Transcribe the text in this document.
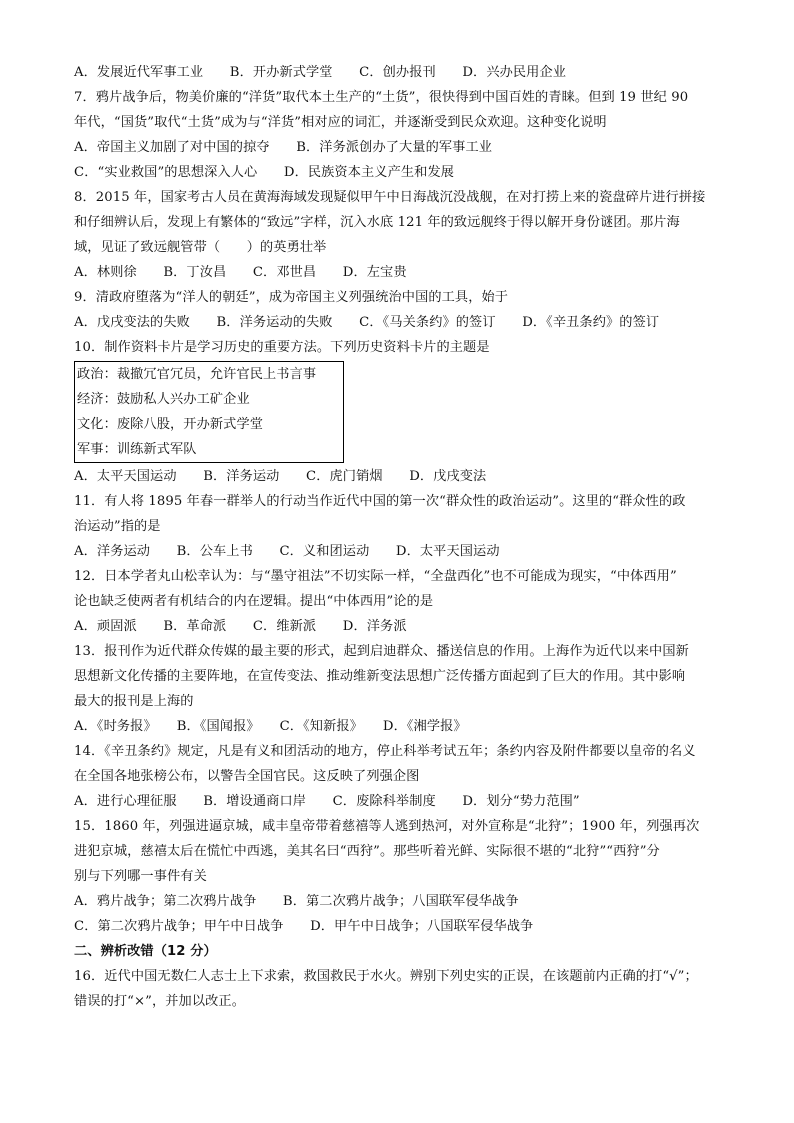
A．发展近代军事工业　　B．开办新式学堂　　C．创办报刊　　D．兴办民用企业
7．鸦片战争后，物美价廉的“洋货”取代本土生产的“土货”，很快得到中国百姓的青睐。但到 19 世纪 90
年代，“国货”取代“土货”成为与“洋货”相对应的词汇，并逐渐受到民众欢迎。这种变化说明
A．帝国主义加剧了对中国的掠夺　　B．洋务派创办了大量的军事工业
C．“实业救国”的思想深入人心　　D．民族资本主义产生和发展
8．2015 年，国家考古人员在黄海海域发现疑似甲午中日海战沉没战舰，在对打捞上来的瓷盘碎片进行拼接
和仔细辨认后，发现上有繁体的“致远”字样，沉入水底 121 年的致远舰终于得以解开身份谜团。那片海
域，见证了致远舰管带（　　）的英勇壮举
A．林则徐　　B．丁汝昌　　C．邓世昌　　D．左宝贵
9．清政府堕落为“洋人的朝廷”，成为帝国主义列强统治中国的工具，始于
A．戊戌变法的失败　　B．洋务运动的失败　　C．《马关条约》的签订　　D．《辛丑条约》的签订
10．制作资料卡片是学习历史的重要方法。下列历史资料卡片的主题是
政治：裁撤冗官冗员，允许官民上书言事
经济：鼓励私人兴办工矿企业
文化：废除八股，开办新式学堂
军事：训练新式军队
A．太平天国运动　　B．洋务运动　　C．虎门销烟　　D．戊戌变法
11．有人将 1895 年春一群举人的行动当作近代中国的第一次“群众性的政治运动”。这里的“群众性的政
治运动”指的是
A．洋务运动　　B．公车上书　　C．义和团运动　　D．太平天国运动
12．日本学者丸山松幸认为：与“墨守祖法”不切实际一样，“全盘西化”也不可能成为现实，“中体西用”
论也缺乏使两者有机结合的内在逻辑。提出“中体西用”论的是
A．顽固派　　B．革命派　　C．维新派　　D．洋务派
13．报刊作为近代群众传媒的最主要的形式，起到启迪群众、播送信息的作用。上海作为近代以来中国新
思想新文化传播的主要阵地，在宣传变法、推动维新变法思想广泛传播方面起到了巨大的作用。其中影响
最大的报刊是上海的
A．《时务报》　　B．《国闻报》　　C．《知新报》　　D．《湘学报》
14．《辛丑条约》规定，凡是有义和团活动的地方，停止科举考试五年；条约内容及附件都要以皇帝的名义
在全国各地张榜公布，以警告全国官民。这反映了列强企图
A．进行心理征服　　B．增设通商口岸　　C．废除科举制度　　D．划分“势力范围”
15．1860 年，列强进逼京城，咸丰皇帝带着慈禧等人逃到热河，对外宣称是“北狩”；1900 年，列强再次
进犯京城，慈禧太后在慌忙中西逃，美其名曰“西狩”。那些听着光鲜、实际很不堪的“北狩”“西狩”分
别与下列哪一事件有关
A．鸦片战争；第二次鸦片战争　　B．第二次鸦片战争；八国联军侵华战争
C．第二次鸦片战争；甲午中日战争　　D．甲午中日战争；八国联军侵华战争
二、辨析改错（12 分）
16．近代中国无数仁人志士上下求索，救国救民于水火。辨别下列史实的正误，在该题前内正确的打“√”；
错误的打“×”，并加以改正。
